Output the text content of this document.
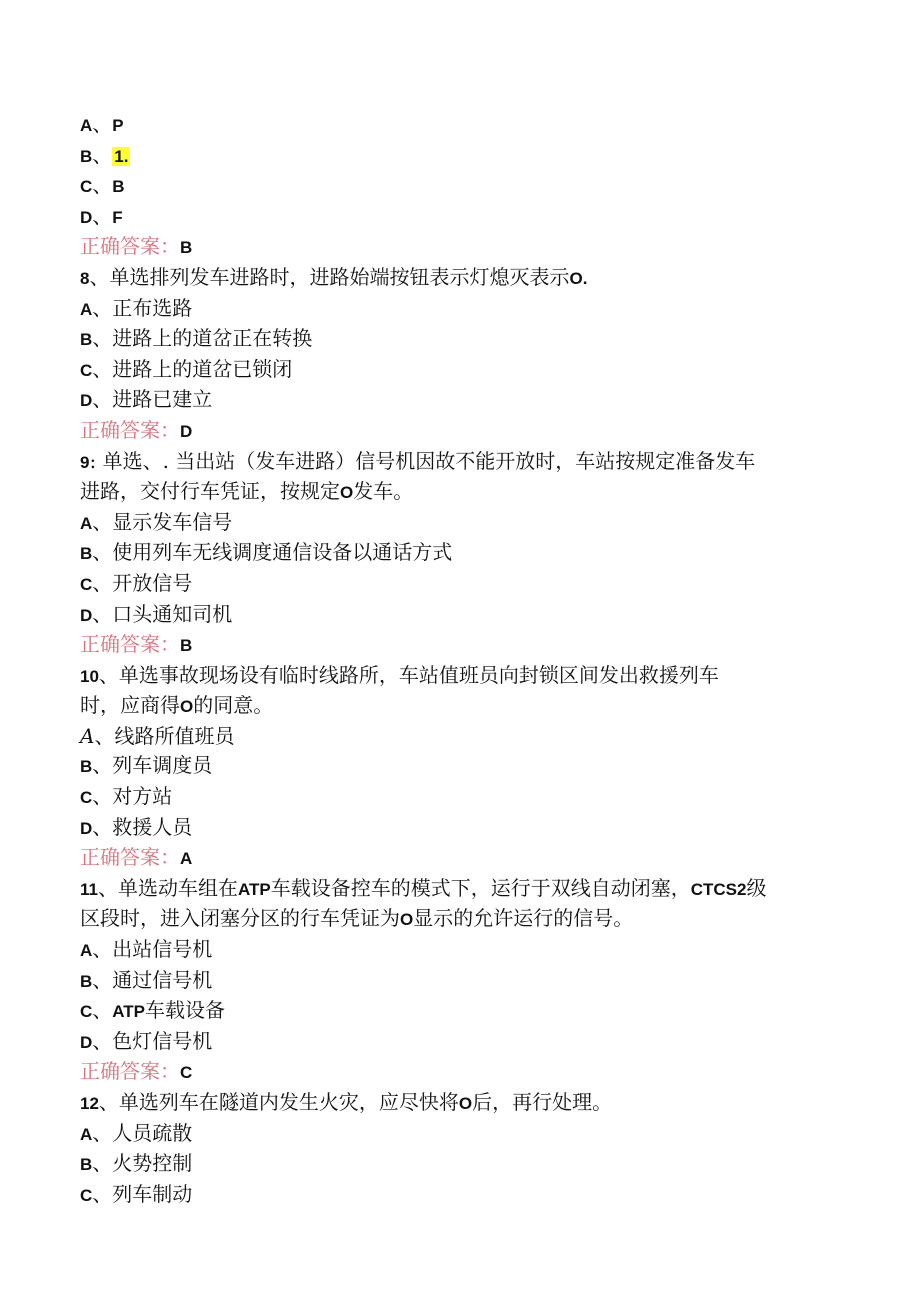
A、P
B、 1.
C、B
D、F
正确答案：B
8、单选排列发车进路时，进路始端按钮表示灯熄灭表示O.
A、正布选路
B、进路上的道岔正在转换
C、进路上的道岔已锁闭
D、进路已建立
正确答案：D
9: 单选、. 当出站（发车进路）信号机因故不能开放时，车站按规定准备发车
进路，交付行车凭证，按规定O发车。
A、显示发车信号
B、使用列车无线调度通信设备以通话方式
C、开放信号
D、口头通知司机
正确答案：B
10、单选事故现场设有临时线路所，车站值班员向封锁区间发出救援列车
时，应商得O的同意。
A、线路所值班员
B、列车调度员
C、对方站
D、救援人员
正确答案：A
11、单选动车组在ATP车载设备控车的模式下，运行于双线自动闭塞，CTCS2级
区段时，进入闭塞分区的行车凭证为O显示的允许运行的信号。
A、出站信号机
B、通过信号机
C、ATP车载设备
D、色灯信号机
正确答案：C
12、单选列车在隧道内发生火灾，应尽快将O后，再行处理。
A、人员疏散
B、火势控制
C、列车制动
